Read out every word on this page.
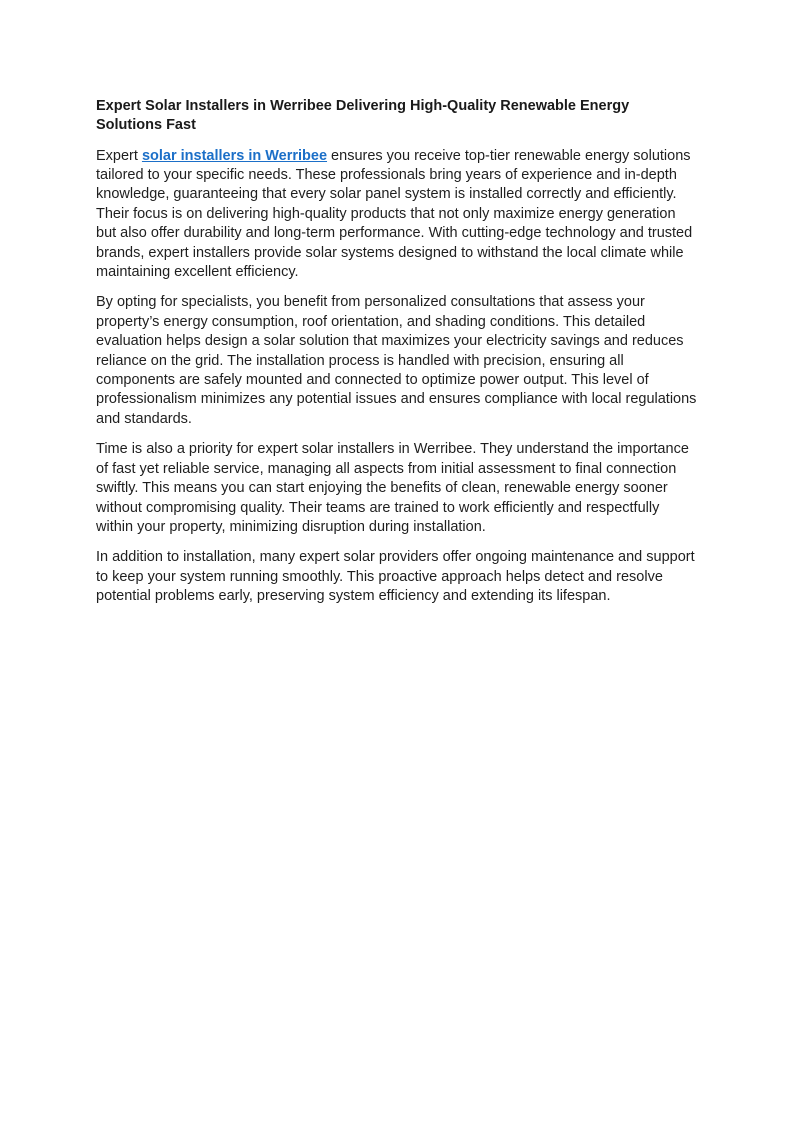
Expert Solar Installers in Werribee Delivering High-Quality Renewable Energy Solutions Fast

Expert solar installers in Werribee ensures you receive top-tier renewable energy solutions tailored to your specific needs. These professionals bring years of experience and in-depth knowledge, guaranteeing that every solar panel system is installed correctly and efficiently. Their focus is on delivering high-quality products that not only maximize energy generation but also offer durability and long-term performance. With cutting-edge technology and trusted brands, expert installers provide solar systems designed to withstand the local climate while maintaining excellent efficiency.

By opting for specialists, you benefit from personalized consultations that assess your property’s energy consumption, roof orientation, and shading conditions. This detailed evaluation helps design a solar solution that maximizes your electricity savings and reduces reliance on the grid. The installation process is handled with precision, ensuring all components are safely mounted and connected to optimize power output. This level of professionalism minimizes any potential issues and ensures compliance with local regulations and standards.

Time is also a priority for expert solar installers in Werribee. They understand the importance of fast yet reliable service, managing all aspects from initial assessment to final connection swiftly. This means you can start enjoying the benefits of clean, renewable energy sooner without compromising quality. Their teams are trained to work efficiently and respectfully within your property, minimizing disruption during installation.

In addition to installation, many expert solar providers offer ongoing maintenance and support to keep your system running smoothly. This proactive approach helps detect and resolve potential problems early, preserving system efficiency and extending its lifespan.
